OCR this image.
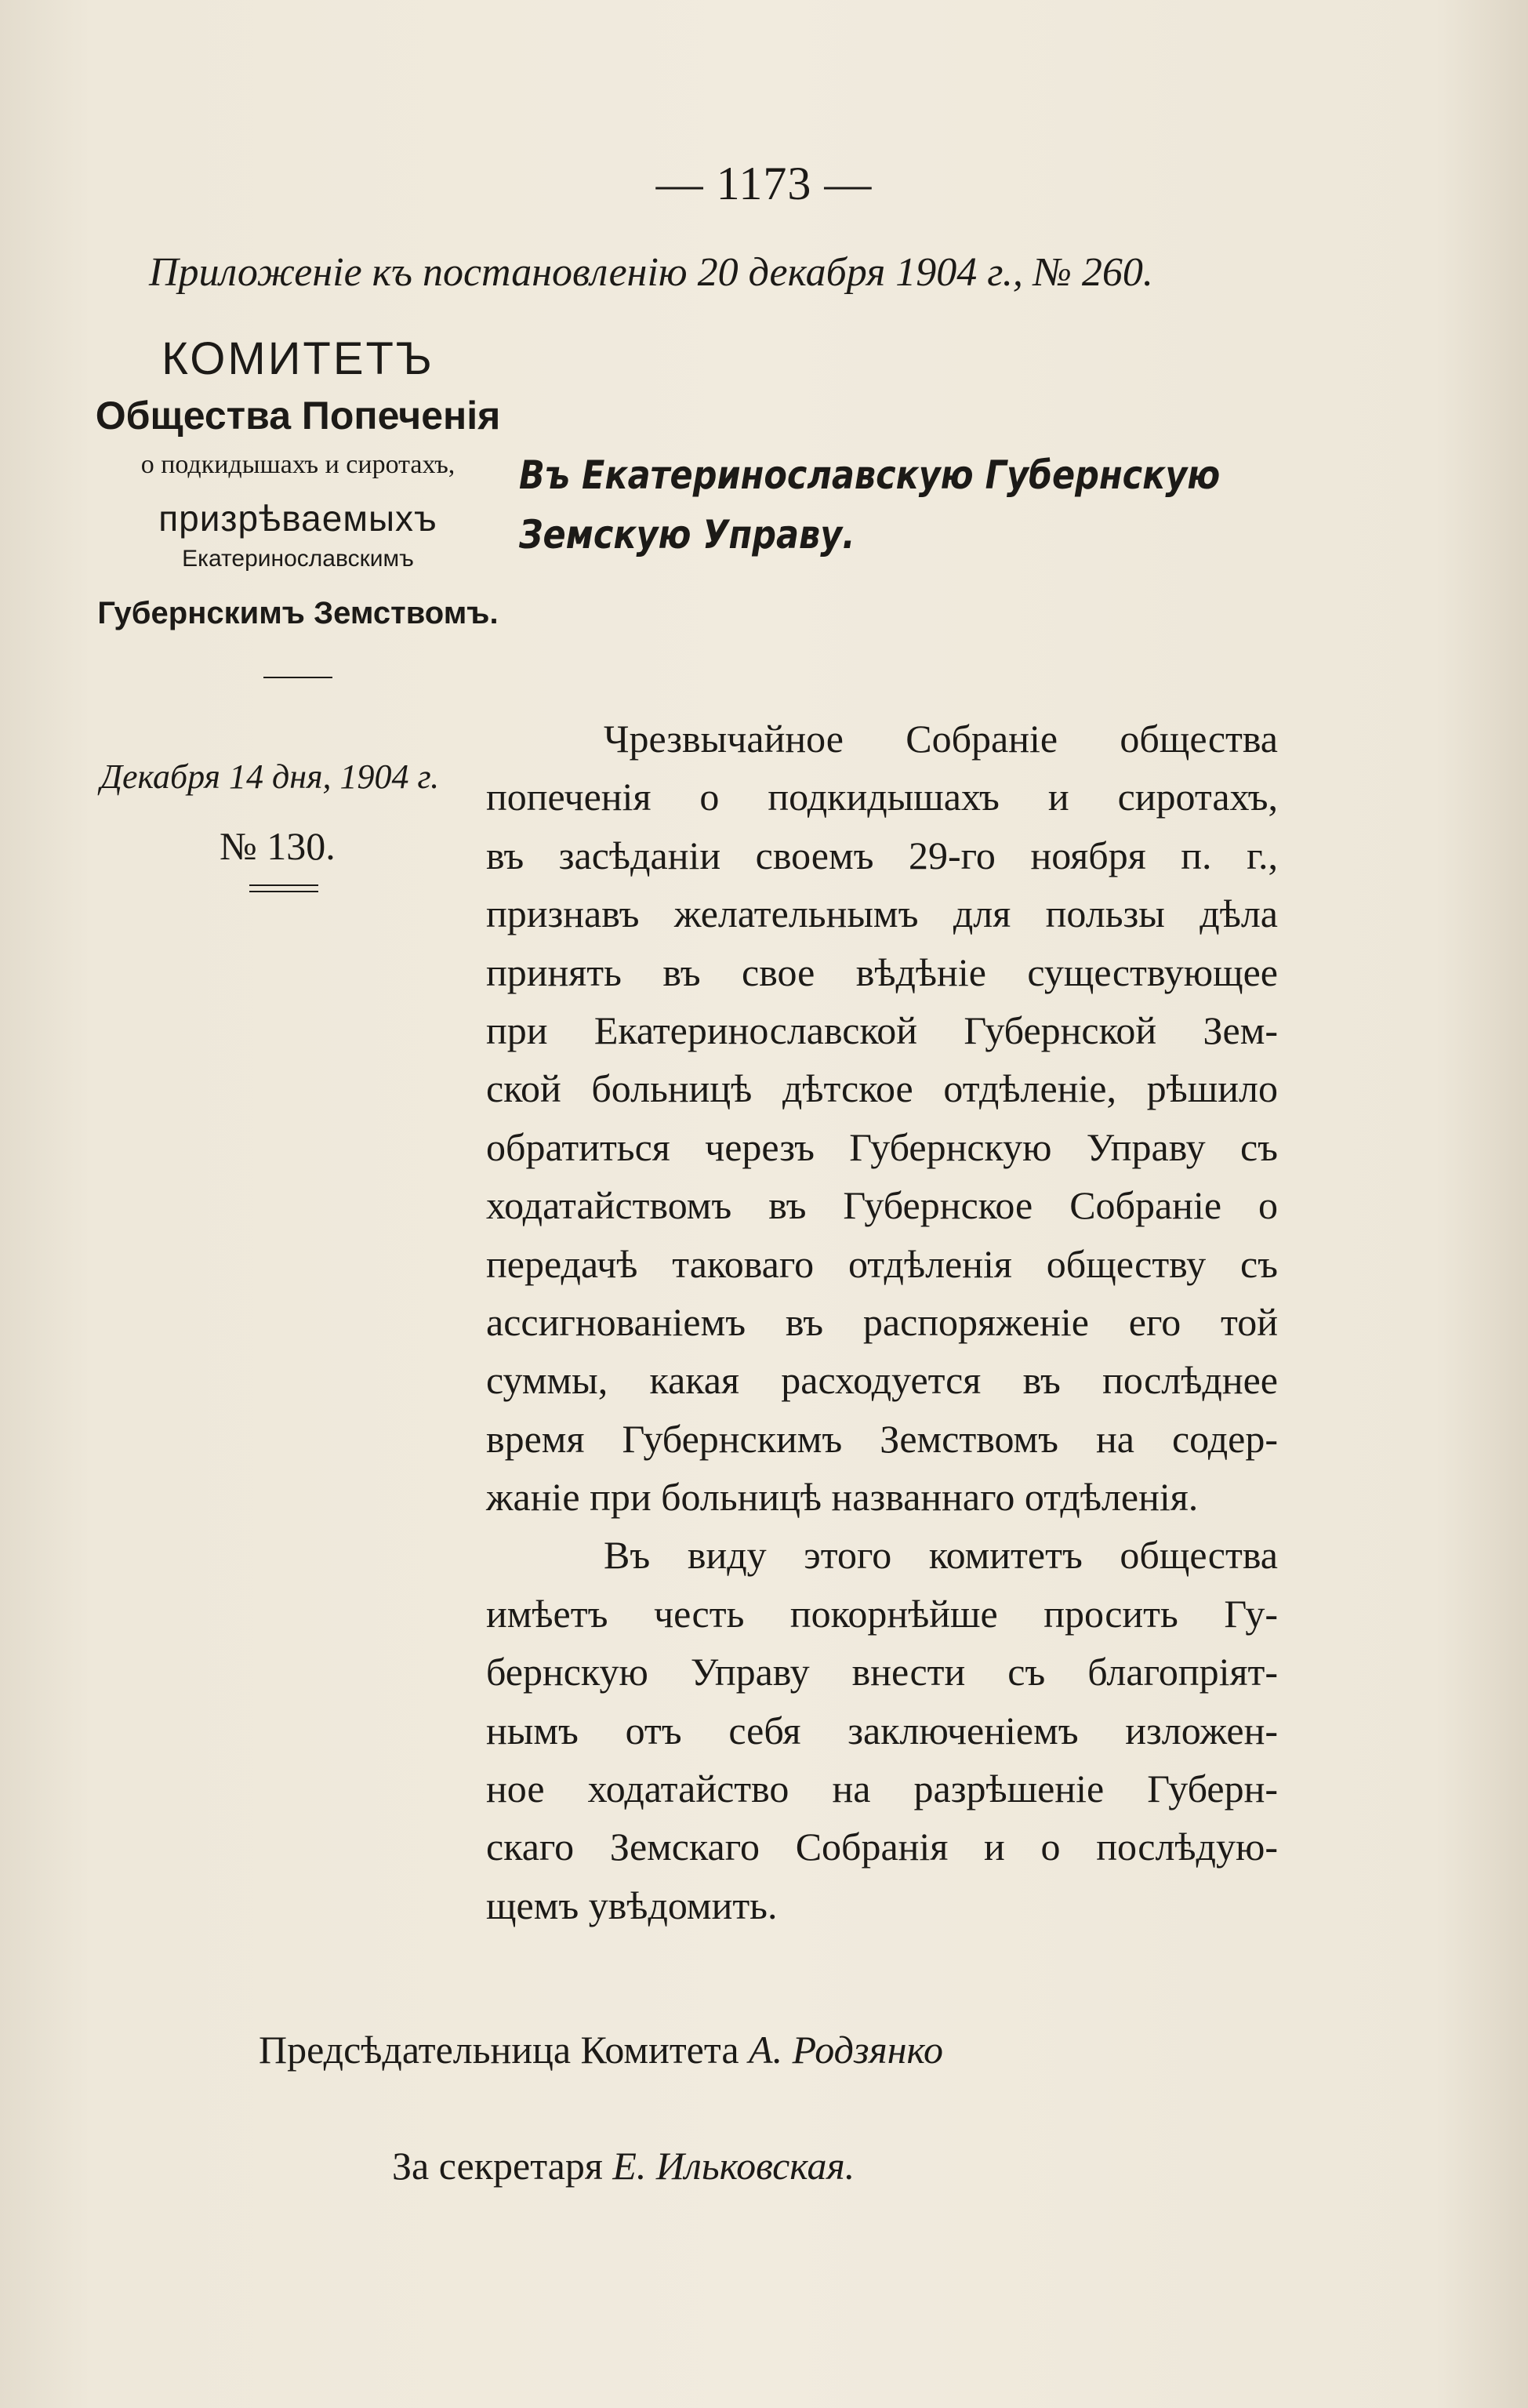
— 1173 —
Приложеніе къ постановленію 20 декабря 1904 г., № 260.
КОМИТЕТЪ
Общества Попеченія
о подкидышахъ и сиротахъ,
призрѣваемыхъ
Екатеринославскимъ
Губернскимъ Земствомъ.
Декабря 14 дня, 1904 г.
№ 130.
Въ Екатеринославскую Губернскую
Земскую Управу.
Чрезвычайное Собраніе общества
попеченія о подкидышахъ и сиротахъ,
въ засѣданіи своемъ 29-го ноября п. г.,
признавъ желательнымъ для пользы дѣла
принять въ свое вѣдѣніе существующее
при Екатеринославской Губернской Зем-
ской больницѣ дѣтское отдѣленіе, рѣшило
обратиться черезъ Губернскую Управу съ
ходатайствомъ въ Губернское Собраніе о
передачѣ таковаго отдѣленія обществу съ
ассигнованіемъ въ распоряженіе его той
суммы, какая расходуется въ послѣднее
время Губернскимъ Земствомъ на содер-
жаніе при больницѣ названнаго отдѣленія.
Въ виду этого комитетъ общества
имѣетъ честь покорнѣйше просить Гу-
бернскую Управу внести съ благопріят-
нымъ отъ себя заключеніемъ изложен-
ное ходатайство на разрѣшеніе Губерн-
скаго Земскаго Собранія и о послѣдую-
щемъ увѣдомить.
Предсѣдательница Комитета А. Родзянко
За секретаря Е. Ильковская.
